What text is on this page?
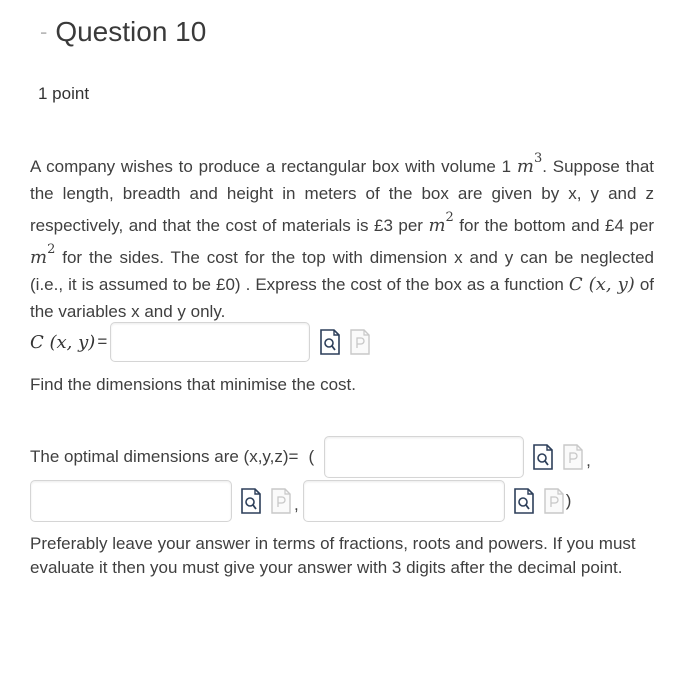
- Question 10
1 point
A company wishes to produce a rectangular box with volume 1 $m^3$. Suppose that the length, breadth and height in meters of the box are given by x, y and z respectively, and that the cost of materials is £3 per $m^2$ for the bottom and £4 per $m^2$ for the sides. The cost for the top with dimension x and y can be neglected (i.e., it is assumed to be £0) . Express the cost of the box as a function C (x, y) of the variables x and y only.
C (x, y) =
Find the dimensions that minimise the cost.
The optimal dimensions are (x,y,z)= (	,
,	)
Preferably leave your answer in terms of fractions, roots and powers. If you must evaluate it then you must give your answer with 3 digits after the decimal point.
